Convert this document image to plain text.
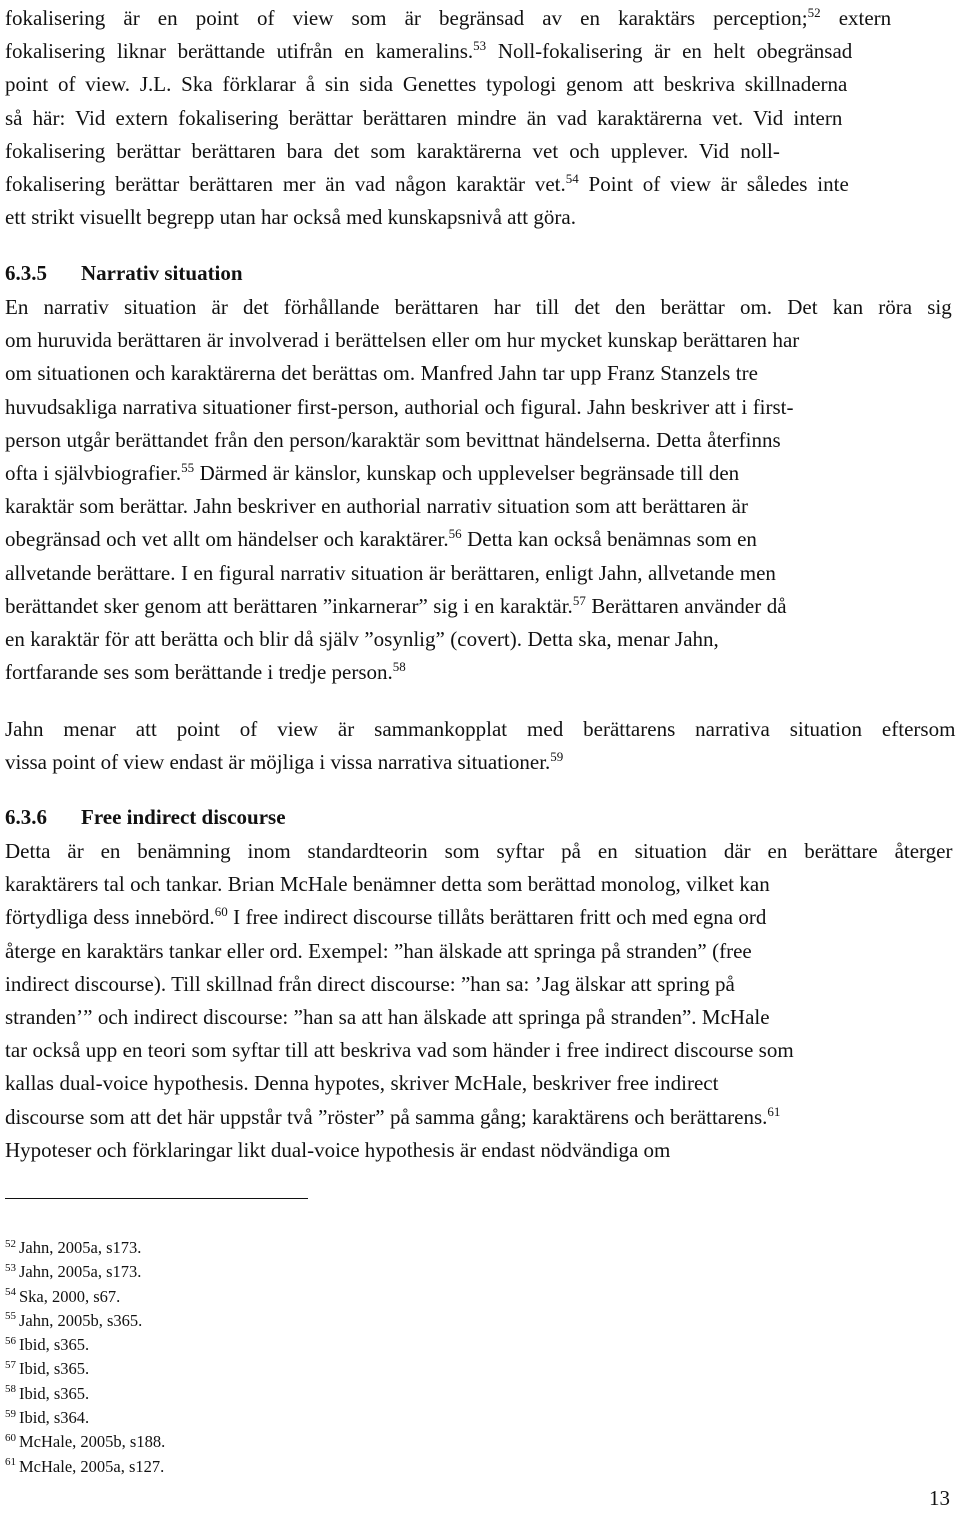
fokalisering är en point of view som är begränsad av en karaktärs perception;$^{52}$ extern
fokalisering liknar berättande utifrån en kameralins.$^{53}$ Noll-fokalisering är en helt obegränsad
point of view. J.L. Ska förklarar å sin sida Genettes typologi genom att beskriva skillnaderna
så här: Vid extern fokalisering berättar berättaren mindre än vad karaktärerna vet. Vid intern
fokalisering berättar berättaren bara det som karaktärerna vet och upplever. Vid noll-
fokalisering berättar berättaren mer än vad någon karaktär vet.$^{54}$ Point of view är således inte
ett strikt visuellt begrepp utan har också med kunskapsnivå att göra.
6.3.5 Narrativ situation
En narrativ situation är det förhållande berättaren har till det den berättar om. Det kan röra sig
om huruvida berättaren är involverad i berättelsen eller om hur mycket kunskap berättaren har
om situationen och karaktärerna det berättas om. Manfred Jahn tar upp Franz Stanzels tre
huvudsakliga narrativa situationer first-person, authorial och figural. Jahn beskriver att i first-
person utgår berättandet från den person/karaktär som bevittnat händelserna. Detta återfinns
ofta i självbiografier.$^{55}$ Därmed är känslor, kunskap och upplevelser begränsade till den
karaktär som berättar. Jahn beskriver en authorial narrativ situation som att berättaren är
obegränsad och vet allt om händelser och karaktärer.$^{56}$ Detta kan också benämnas som en
allvetande berättare. I en figural narrativ situation är berättaren, enligt Jahn, allvetande men
berättandet sker genom att berättaren ”inkarnerar” sig i en karaktär.$^{57}$ Berättaren använder då
en karaktär för att berätta och blir då själv ”osynlig” (covert). Detta ska, menar Jahn,
fortfarande ses som berättande i tredje person.$^{58}$
Jahn menar att point of view är sammankopplat med berättarens narrativa situation eftersom
vissa point of view endast är möjliga i vissa narrativa situationer.$^{59}$
6.3.6 Free indirect discourse
Detta är en benämning inom standardteorin som syftar på en situation där en berättare återger
karaktärers tal och tankar. Brian McHale benämner detta som berättad monolog, vilket kan
förtydliga dess innebörd.$^{60}$ I free indirect discourse tillåts berättaren fritt och med egna ord
återge en karaktärs tankar eller ord. Exempel: ”han älskade att springa på stranden” (free
indirect discourse). Till skillnad från direct discourse: ”han sa: ’Jag älskar att spring på
stranden’” och indirect discourse: ”han sa att han älskade att springa på stranden”. McHale
tar också upp en teori som syftar till att beskriva vad som händer i free indirect discourse som
kallas dual-voice hypothesis. Denna hypotes, skriver McHale, beskriver free indirect
discourse som att det här uppstår två ”röster” på samma gång; karaktärens och berättarens.$^{61}$
Hypoteser och förklaringar likt dual-voice hypothesis är endast nödvändiga om
$^{52}$ Jahn, 2005a, s173.
$^{53}$ Jahn, 2005a, s173.
$^{54}$ Ska, 2000, s67.
$^{55}$ Jahn, 2005b, s365.
$^{56}$ Ibid, s365.
$^{57}$ Ibid, s365.
$^{58}$ Ibid, s365.
$^{59}$ Ibid, s364.
$^{60}$ McHale, 2005b, s188.
$^{61}$ McHale, 2005a, s127.
13
